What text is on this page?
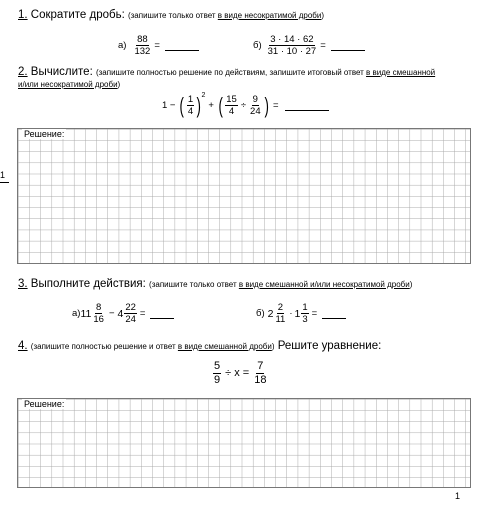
1. Сократите дробь: (запишите только ответ в виде несократимой дроби)
$а) \frac{88}{132}$ =	$б) \frac{3 \cdot 14 \cdot 62}{31 \cdot 10 \cdot 27}$ =
2. Вычислите: (запишите полностью решение по действиям, запишите итоговый ответ в виде смешанной
и/или несократимой дроби)
1 − ( $\frac{1}{4}$ ) 2
+ ( $\frac{15}{4} \div \frac{9}{24}$ ) =
Решение:
1
3. Выполните действия: (запишите только ответ в виде смешанной и/или несократимой дроби)
а) $11 \frac{8}{16} - 4 \frac{22}{24}$ =	б) $2 \frac{2}{11} \cdot 1 \frac{1}{3}$ =
4. (запишите полностью решение и ответ в виде смешанной дроби) Решите уравнение:
$\frac{5}{9} \div x = \frac{7}{18}$
Решение:
1
